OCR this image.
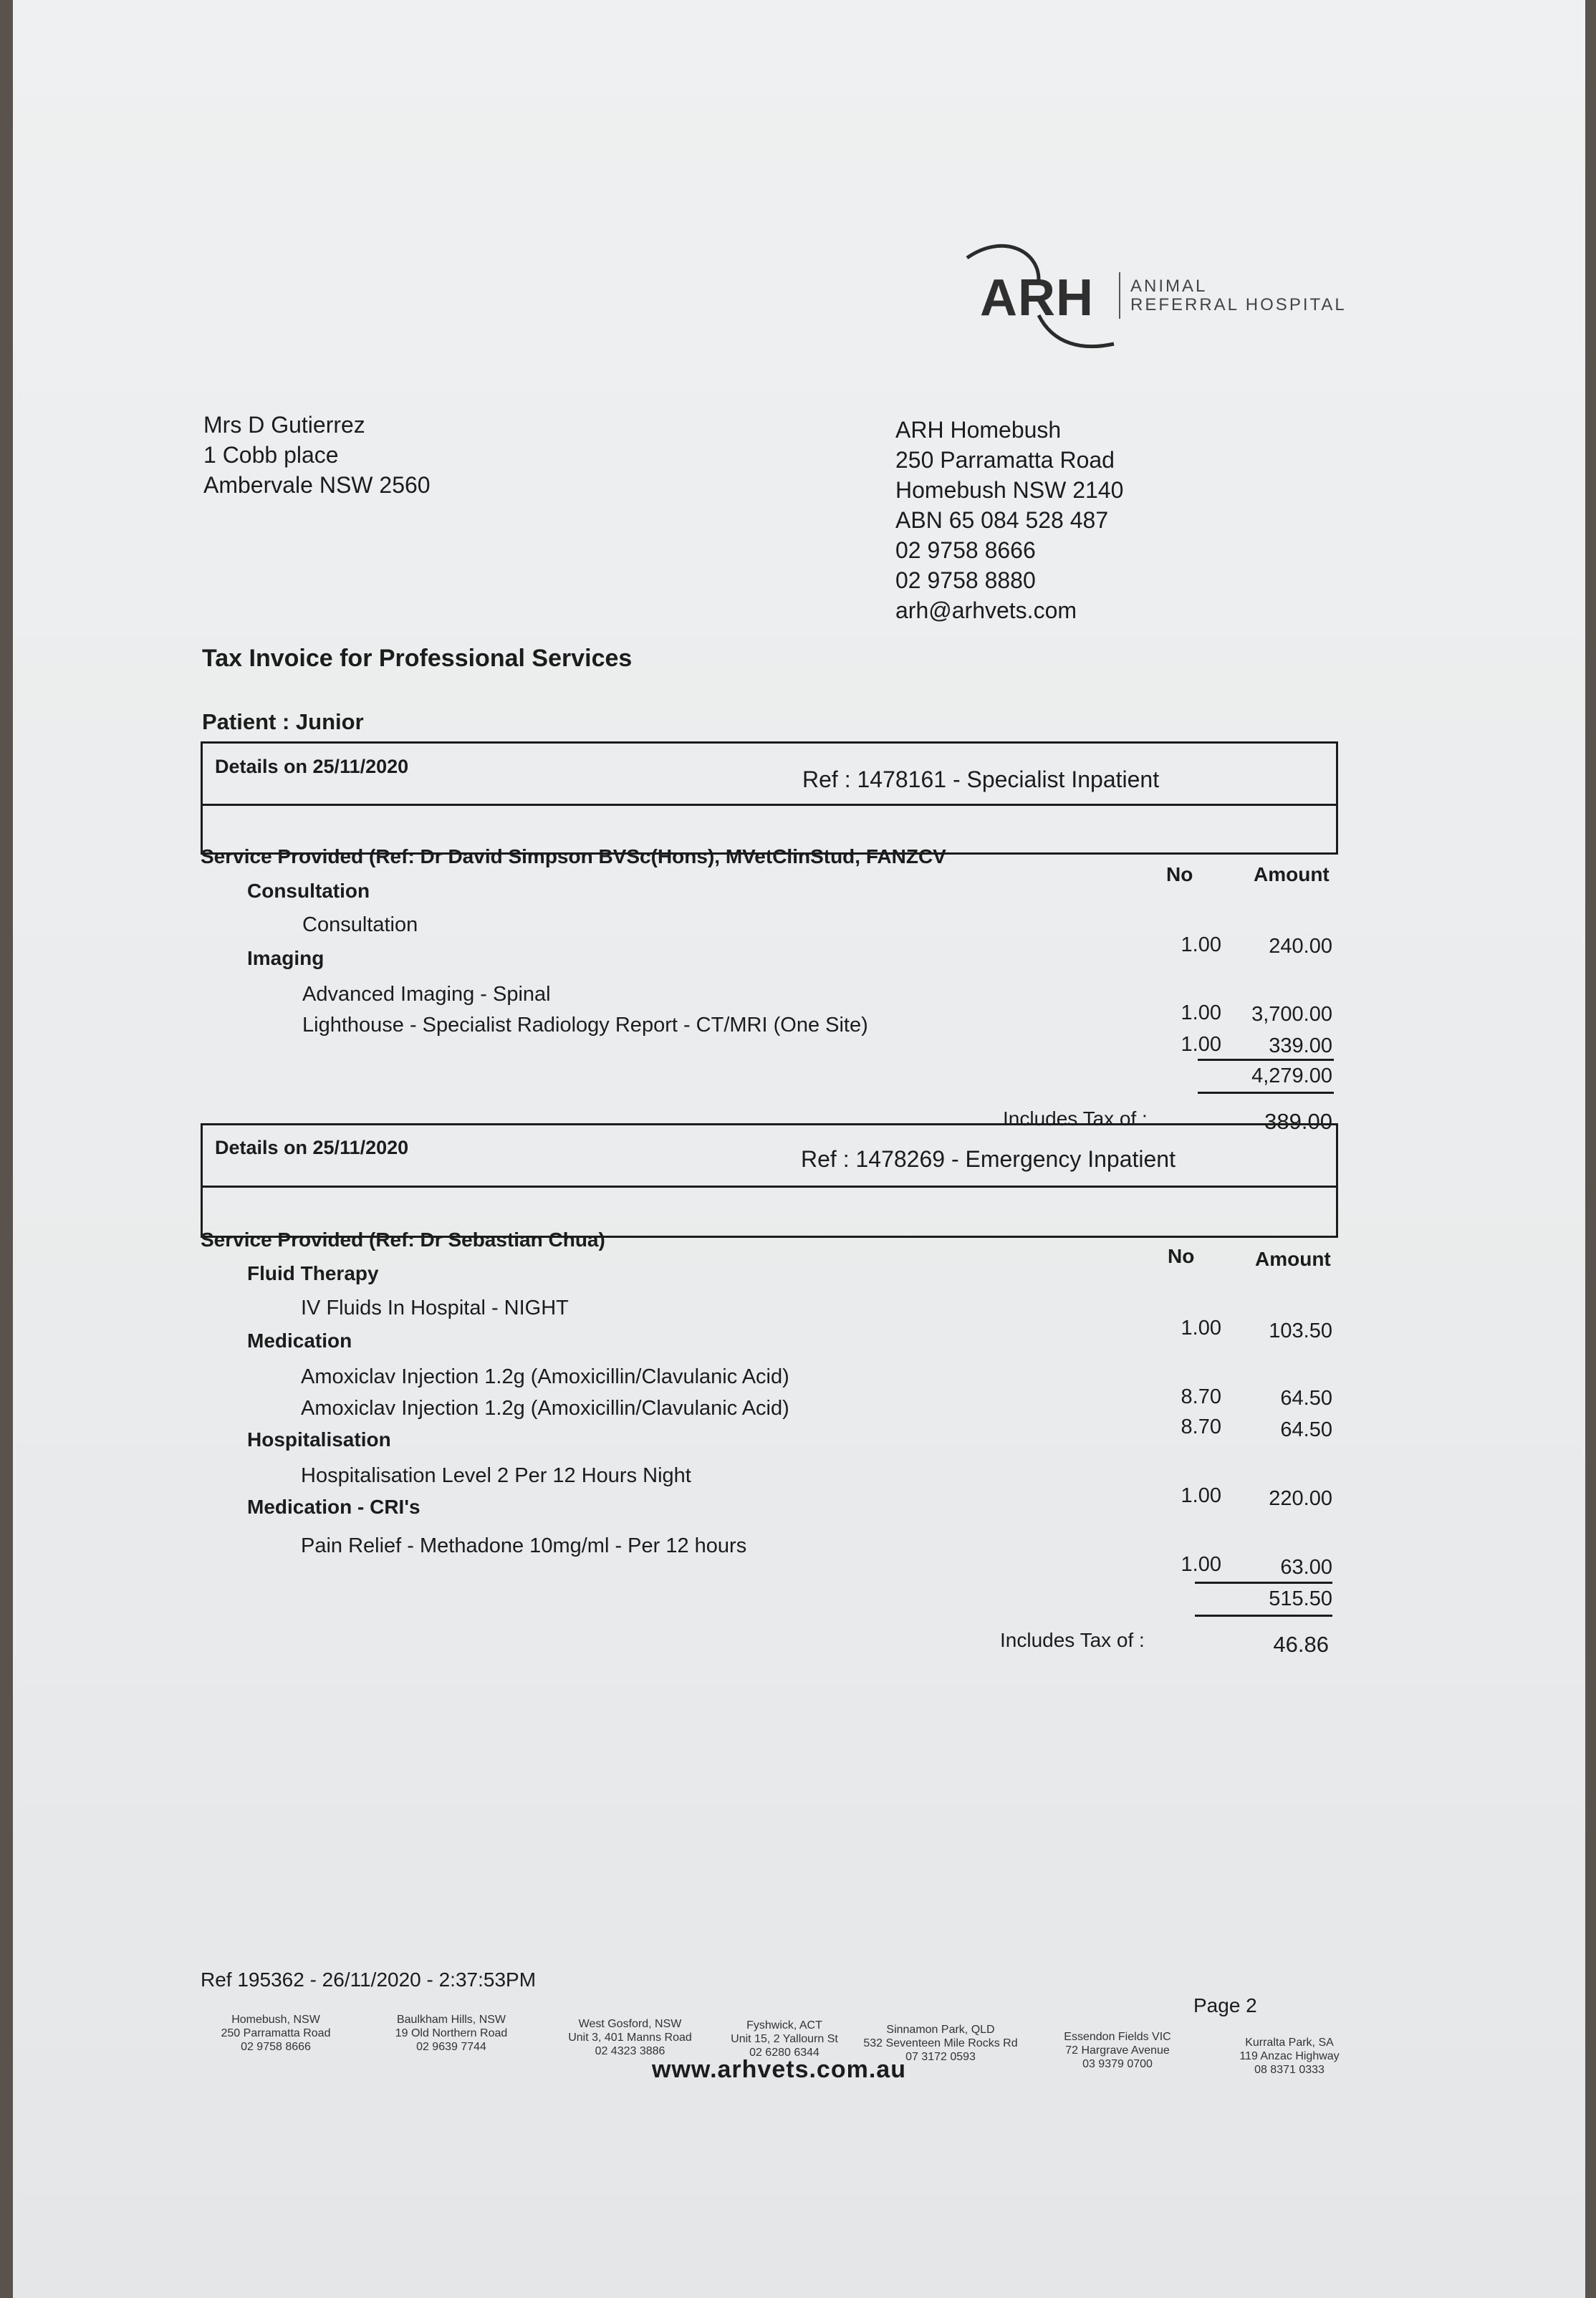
ARH ANIMAL
REFERRAL HOSPITAL
Mrs D Gutierrez
1 Cobb place
Ambervale NSW 2560
ARH Homebush
250 Parramatta Road
Homebush NSW 2140
ABN 65 084 528 487
02 9758 8666
02 9758 8880
arh@arhvets.com
Tax Invoice for Professional Services
Patient : Junior
Details on 25/11/2020	Ref : 1478161 - Specialist Inpatient
Service Provided (Ref: Dr David Simpson BVSc(Hons), MVetClinStud, FANZCV
No	Amount
Consultation
Consultation
1.00	240.00
Imaging
Advanced Imaging - Spinal
1.00	3,700.00
Lighthouse - Specialist Radiology Report - CT/MRI (One Site)
1.00	339.00
4,279.00
Includes Tax of :	389.00
Details on 25/11/2020	Ref : 1478269 - Emergency Inpatient
Service Provided (Ref: Dr Sebastian Chua)
No	Amount
Fluid Therapy
IV Fluids In Hospital - NIGHT
1.00	103.50
Medication
Amoxiclav Injection 1.2g (Amoxicillin/Clavulanic Acid)
8.70	64.50
Amoxiclav Injection 1.2g (Amoxicillin/Clavulanic Acid)
8.70	64.50
Hospitalisation
Hospitalisation Level 2 Per 12 Hours Night
1.00	220.00
Medication - CRI's
Pain Relief - Methadone 10mg/ml - Per 12 hours
1.00	63.00
515.50
Includes Tax of :	46.86
Ref 195362 - 26/11/2020 - 2:37:53PM
Page 2
Homebush, NSW
250 Parramatta Road
02 9758 8666
Baulkham Hills, NSW
19 Old Northern Road
02 9639 7744
West Gosford, NSW
Unit 3, 401 Manns Road
02 4323 3886
Fyshwick, ACT
Unit 15, 2 Yallourn St
02 6280 6344
Sinnamon Park, QLD
532 Seventeen Mile Rocks Rd
07 3172 0593
Essendon Fields VIC
72 Hargrave Avenue
03 9379 0700
Kurralta Park, SA
119 Anzac Highway
08 8371 0333
www.arhvets.com.au
